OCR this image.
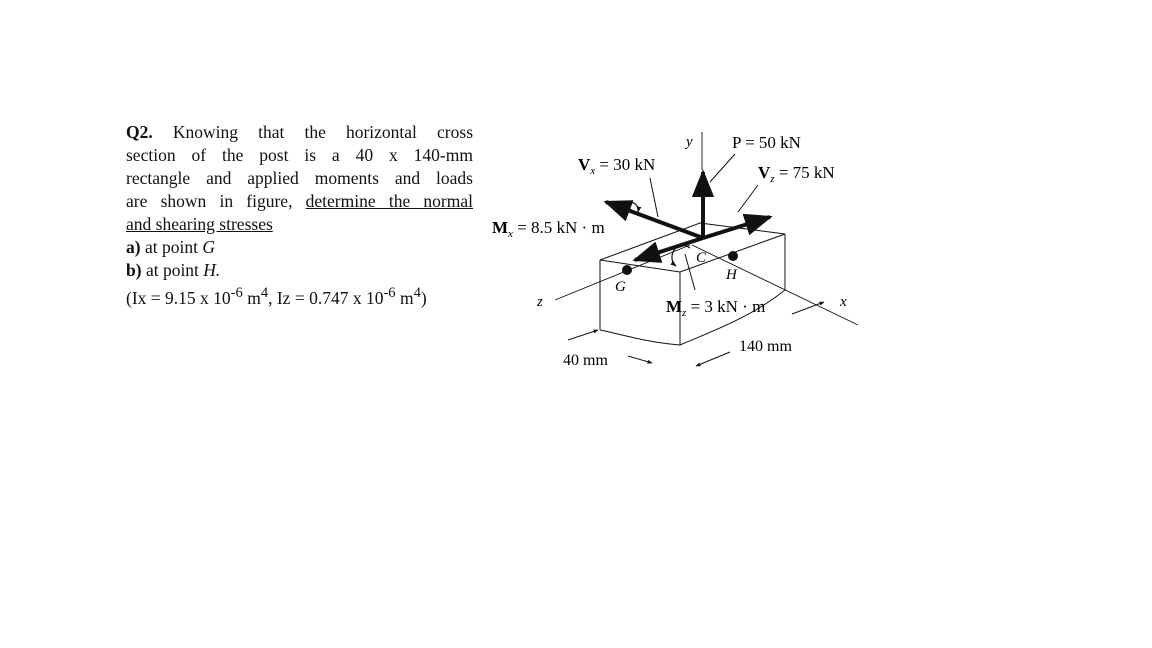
Q2. Knowing that the horizontal cross

section of the post is a 40 x 140-mm

rectangle and applied moments and loads

are shown in figure, determine the normal

and shearing stresses

a) at point G

b) at point H.

(Ix = 9.15 x $10^{-6}$ $m^4$, Iz = 0.747 x $10^{-6}$ $m^4$)

y
x
z
C
G
H
P = 50 kN
$V_x = 30$ kN	$V_z = 75$ kN
$M_x = 8.5$ kN · m
$M_z = 3$ kN · m
40 mm
140 mm
